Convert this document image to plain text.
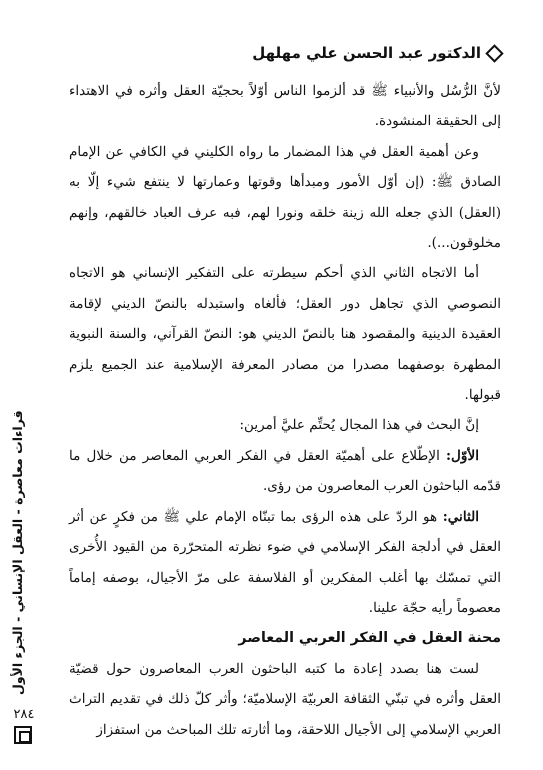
الدكتور عبد الحسن علي مهلهل

لأنَّ الرُّسُل والأنبياء ﷺ قد ألزموا الناس أوّلاً بحجيّة العقل وأثره في الاهتداء إلى الحقيقة المنشودة.

وعن أهمية العقل في هذا المضمار ما رواه الكليني في الكافي عن الإمام الصادق ﷺ: (إن أوّل الأمور ومبدأها وقوتها وعمارتها لا ينتفع شيء إلّا به (العقل) الذي جعله الله زينة خلقه ونورا لهم، فبه عرف العباد خالقهم، وإنهم مخلوقون...).

أما الاتجاه الثاني الذي أحكم سيطرته على التفكير الإنساني هو الاتجاه النصوصي الذي تجاهل دور العقل؛ فألغاه واستبدله بالنصّ الديني لإقامة العقيدة الدينية والمقصود هنا بالنصّ الديني هو: النصّ القرآني، والسنة النبوية المطهرة بوصفهما مصدرا من مصادر المعرفة الإسلامية عند الجميع يلزم قبولها.

إنَّ البحث في هذا المجال يُحتِّم عليَّ أمرين:

الأوّل: الإطّلاع على أهميّة العقل في الفكر العربي المعاصر من خلال ما قدّمه الباحثون العرب المعاصرون من رؤى.

الثاني: هو الردّ على هذه الرؤى بما تبنّاه الإمام علي ﷺ من فكرٍ عن أثر العقل في أدلجة الفكر الإسلامي في ضوء نظرته المتحرّرة من القيود الأُخرى التي تمسّك بها أغلب المفكرين أو الفلاسفة على مرّ الأجيال، بوصفه إماماً معصوماً رأيه حجّة علينا.

محنة العقل في الفكر العربي المعاصر

لست هنا بصدد إعادة ما كتبه الباحثون العرب المعاصرون حول قضيّة العقل وأثره في تبنّي الثقافة العربيّة الإسلاميّة؛ وأثر كلّ ذلك في تقديم التراث العربي الإسلامي إلى الأجيال اللاحقة، وما أثارته تلك المباحث من استفزاز

قراءات معاصرة - العقل الإنساني - الجزء الأول
٢٨٤
